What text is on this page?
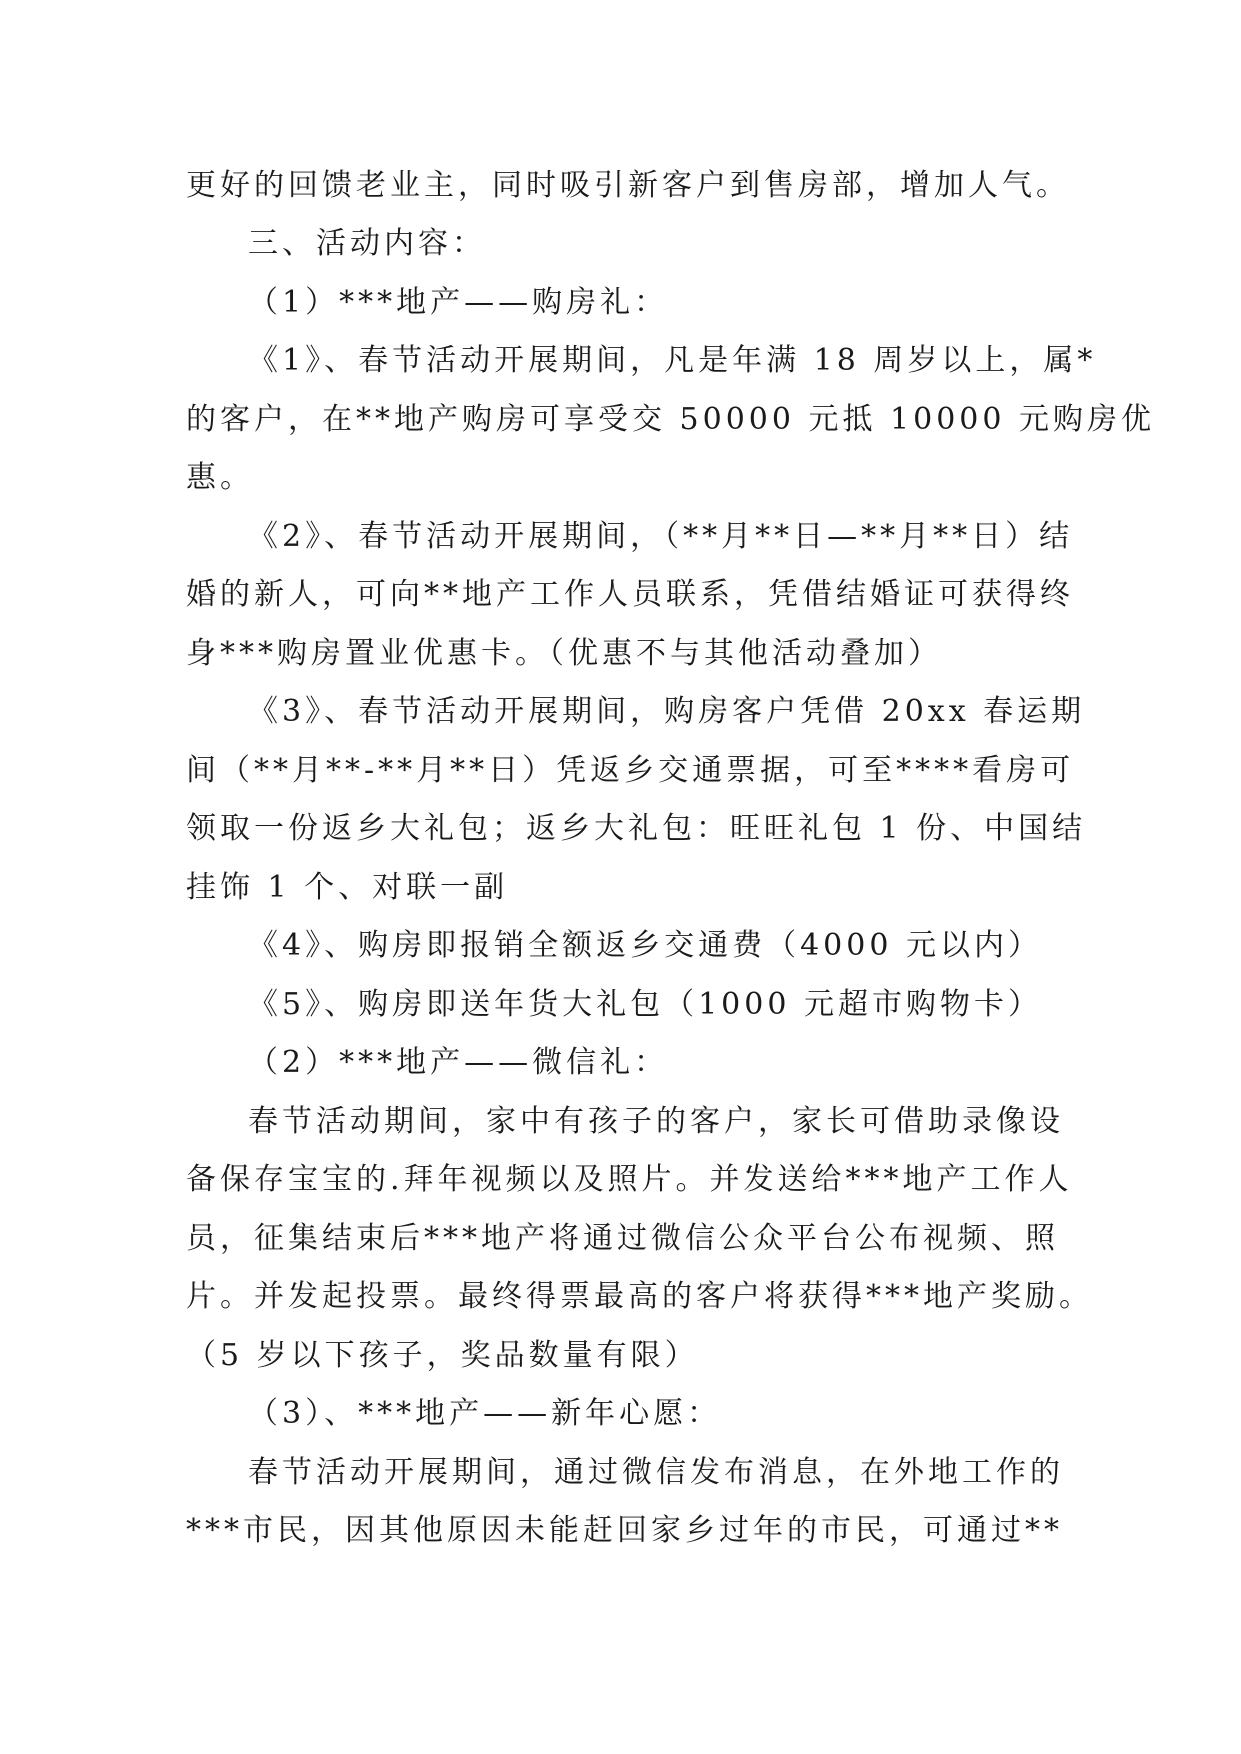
更好的回馈老业主，同时吸引新客户到售房部，增加人气。
三、活动内容：
（1）***地产——购房礼：
《1》、春节活动开展期间，凡是年满 18 周岁以上，属*
的客户，在**地产购房可享受交 50000 元抵 10000 元购房优
惠。
《2》、春节活动开展期间，（**月**日—**月**日）结
婚的新人，可向**地产工作人员联系，凭借结婚证可获得终
身***购房置业优惠卡。（优惠不与其他活动叠加）
《3》、春节活动开展期间，购房客户凭借 20xx 春运期
间（**月**-**月**日）凭返乡交通票据，可至****看房可
领取一份返乡大礼包；返乡大礼包：旺旺礼包 1 份、中国结
挂饰 1 个、对联一副
《4》、购房即报销全额返乡交通费（4000 元以内）
《5》、购房即送年货大礼包（1000 元超市购物卡）
（2）***地产——微信礼：
春节活动期间，家中有孩子的客户，家长可借助录像设
备保存宝宝的.拜年视频以及照片。并发送给***地产工作人
员，征集结束后***地产将通过微信公众平台公布视频、照
片。并发起投票。最终得票最高的客户将获得***地产奖励。
（5 岁以下孩子，奖品数量有限）
（3）、***地产——新年心愿：
春节活动开展期间，通过微信发布消息，在外地工作的
***市民，因其他原因未能赶回家乡过年的市民，可通过**
